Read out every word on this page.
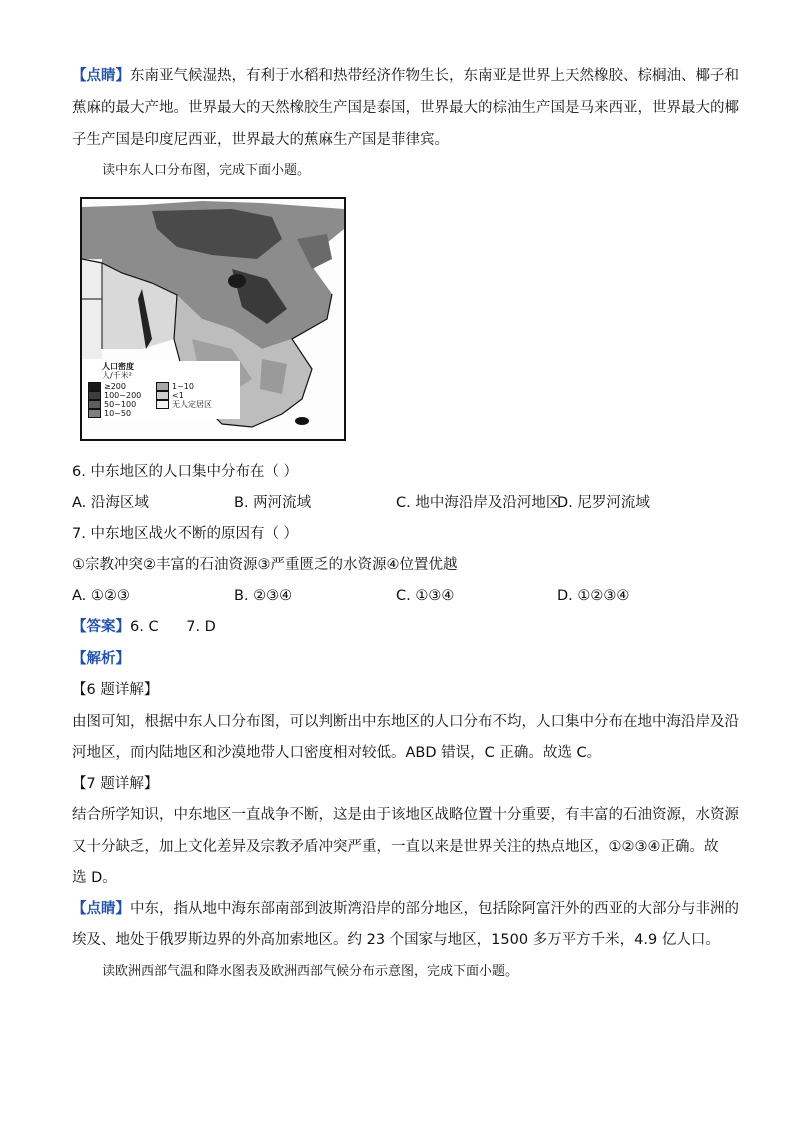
【点睛】东南亚气候湿热，有利于水稻和热带经济作物生长，东南亚是世界上天然橡胶、棕榈油、椰子和
蕉麻的最大产地。世界最大的天然橡胶生产国是泰国，世界最大的棕油生产国是马来西亚，世界最大的椰
子生产国是印度尼西亚，世界最大的蕉麻生产国是菲律宾。
读中东人口分布图，完成下面小题。
人口密度
人/千米²
≥200
100~200
50~100
10~50
1~10
<1
无人定居区
6. 中东地区的人口集中分布在（ ）
A. 沿海区域	B. 两河流域	C. 地中海沿岸及沿河地区
D. 尼罗河流域
7. 中东地区战火不断的原因有（ ）
①宗教冲突②丰富的石油资源③严重匮乏的水资源④位置优越
A. ①②③	B. ②③④	C. ①③④	D. ①②③④
【答案】6. C      7. D
【解析】
【6 题详解】
由图可知，根据中东人口分布图，可以判断出中东地区的人口分布不均，人口集中分布在地中海沿岸及沿
河地区，而内陆地区和沙漠地带人口密度相对较低。ABD 错误，C 正确。故选 C。
【7 题详解】
结合所学知识，中东地区一直战争不断，这是由于该地区战略位置十分重要，有丰富的石油资源，水资源
又十分缺乏，加上文化差异及宗教矛盾冲突严重，一直以来是世界关注的热点地区，①②③④正确。故
选 D。
【点睛】中东，指从地中海东部南部到波斯湾沿岸的部分地区，包括除阿富汗外的西亚的大部分与非洲的
埃及、地处于俄罗斯边界的外高加索地区。约 23 个国家与地区，1500 多万平方千米，4.9 亿人口。
读欧洲西部气温和降水图表及欧洲西部气候分布示意图，完成下面小题。
